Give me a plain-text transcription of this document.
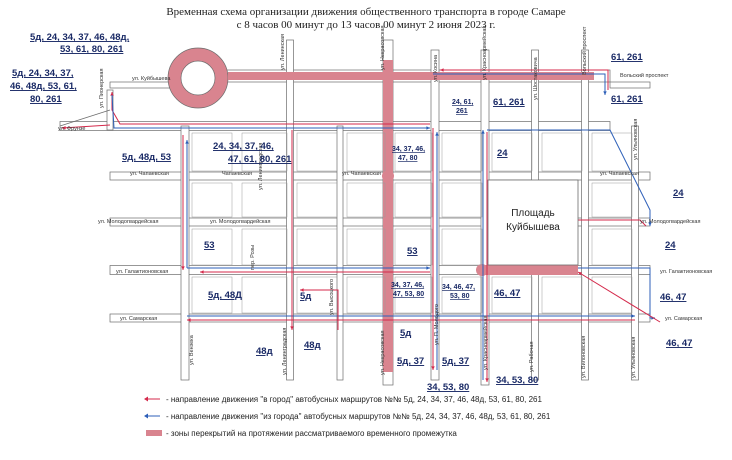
Временная схема организации движения общественного транспорта в городе Самаре
с 8 часов 00 минут до 13 часов 00 минут 2 июня 2023 г.
Площадь
Куйбышева
ул. Фрунзе
ул. Куйбышева
ул. Чапаевская	Чапаевская	ул. Чапаевская	ул. Чапаевская
ул. Молодогвардейская	ул. Молодогвардейская	ул. Молодогвардейская
ул. Галактионовская	ул. Галактионовская
ул. Самарская	ул. Самарская
Вольский проспект
ул. Пионерская
ул. Некрасовская
ул. Некрасовская
ул. Ленинская
ул. Ленинградская
ул. Ленинградская	ул. Вилоновская
ул. Вензека	ул. Красноармейская
ул. Красноармейская
ул. Рабочая	ул. Ульяновская
ул. Ульяновская
ул. Шостаковича
пер. Розы
ул. Высоцкого
ул. П. Молодого
ул. Косина	Вольский проспект
5д, 24, 34, 37, 46, 48д,
53, 61, 80, 261
5д, 24, 34, 37,
46, 48д, 53, 61,
80, 261
5д, 48д, 53
24, 34, 37, 46,
47, 61, 80, 261
61, 261
61, 261
61, 261
24, 61,
261
34, 37, 46,
47, 80	24
24
24
53
53
5д, 48Д	5д
5д
48д
48д
34, 37, 46,
47, 53, 80
34, 46, 47,
53, 80	46, 47	46, 47
46, 47
5д, 37 5д, 37
34, 53, 80
34, 53, 80
- направление движения "в город" автобусных маршрутов №№ 5д, 24, 34, 37, 46, 48д, 53, 61, 80, 261
- направление движения "из города" автобусных маршрутов №№ 5д, 24, 34, 37, 46, 48д, 53, 61, 80, 261
- зоны перекрытий на протяжении рассматриваемого временного промежутка
